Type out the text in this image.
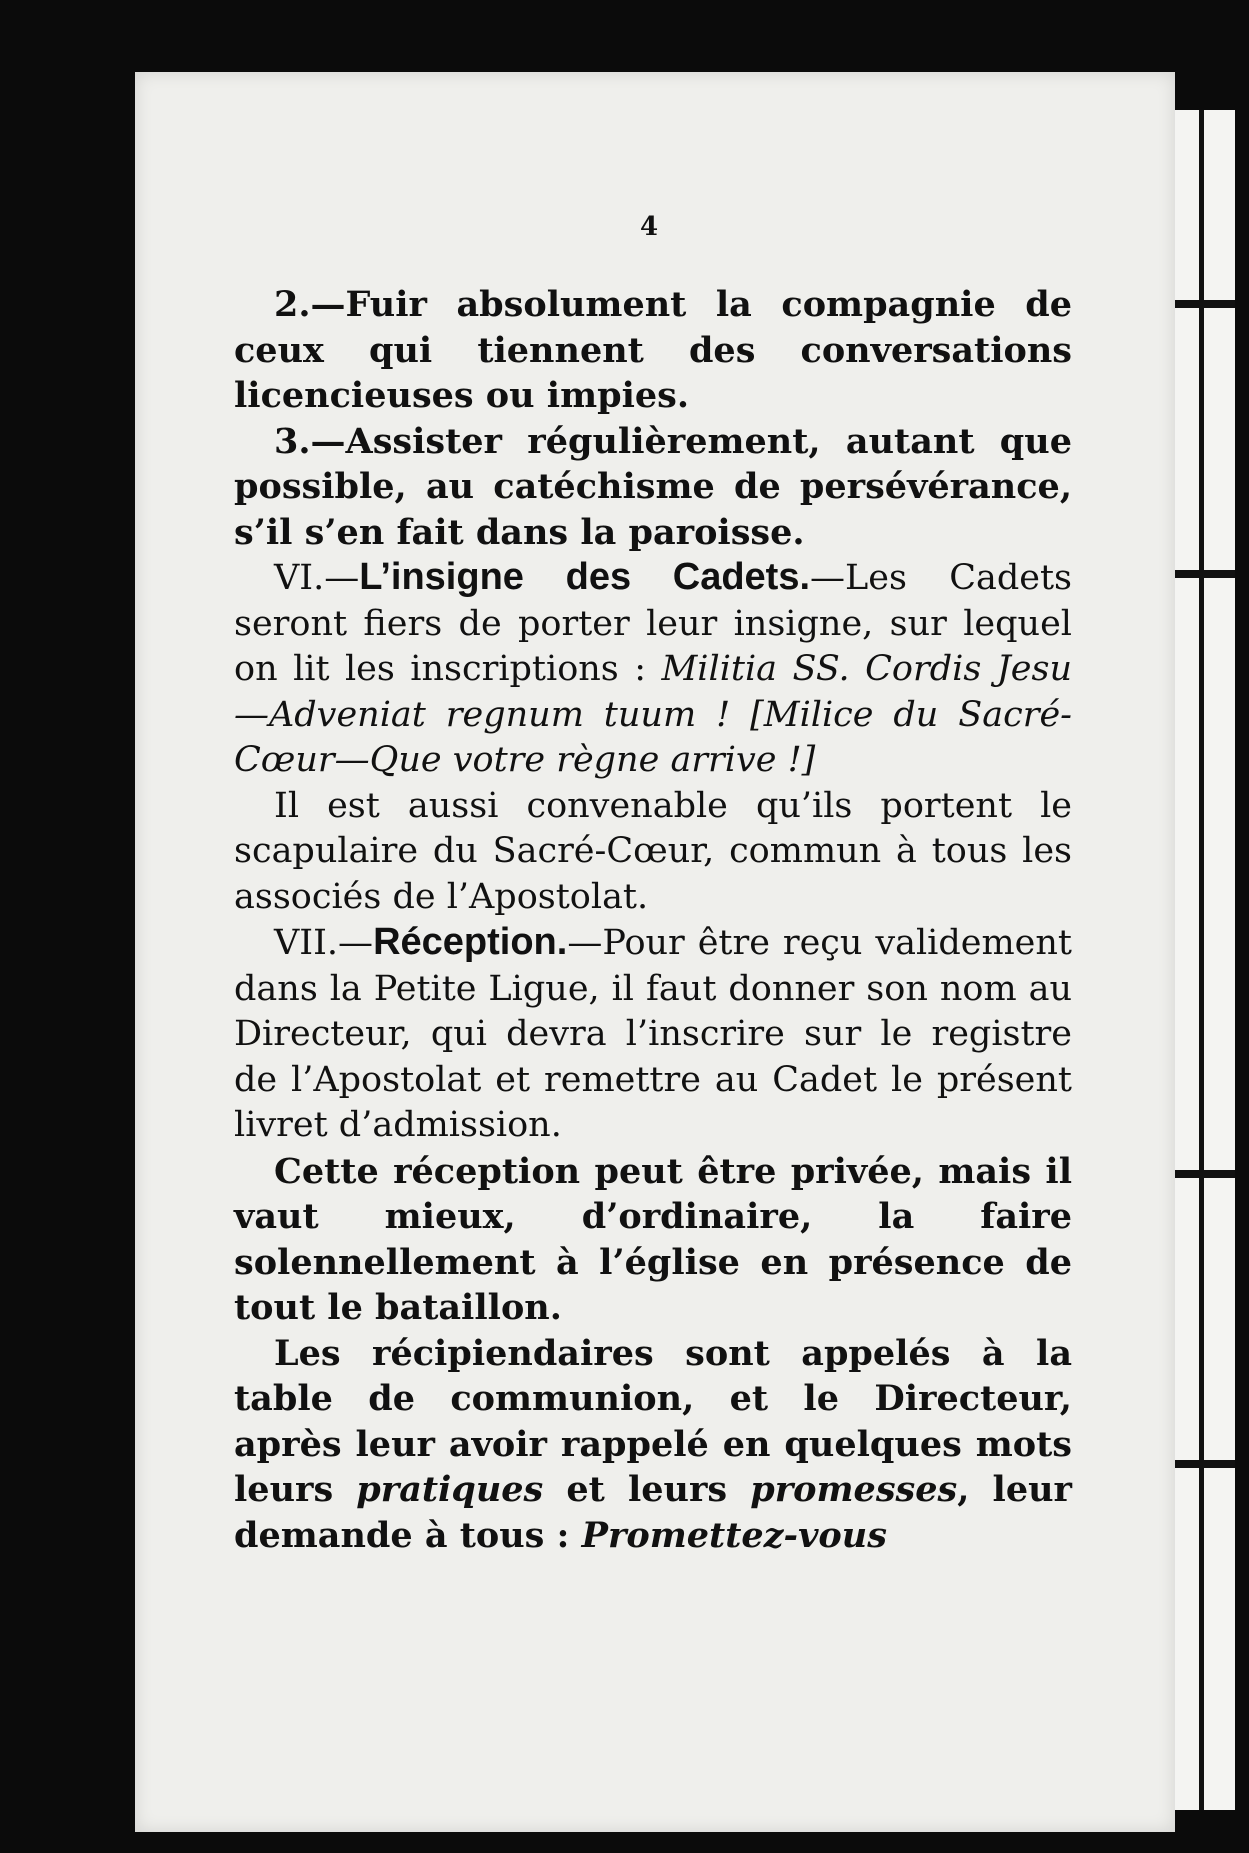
4

2.—Fuir absolument la compagnie de ceux qui tiennent des conversations licencieuses ou impies.

3.—Assister régulièrement, autant que possible, au catéchisme de persévérance, s’il s’en fait dans la paroisse.

VI.—L’insigne des Cadets.—Les Cadets seront fiers de porter leur insigne, sur lequel on lit les inscriptions : Militia SS. Cordis Jesu—Adveniat regnum tuum ! [Milice du Sacré-Cœur—Que votre règne arrive !]

Il est aussi convenable qu’ils portent le scapulaire du Sacré-Cœur, commun à tous les associés de l’Apostolat.

VII.—Réception.—Pour être reçu validement dans la Petite Ligue, il faut donner son nom au Directeur, qui devra l’inscrire sur le registre de l’Apostolat et remettre au Cadet le présent livret d’admission.

Cette réception peut être privée, mais il vaut mieux, d’ordinaire, la faire solennellement à l’église en présence de tout le bataillon.

Les récipiendaires sont appelés à la table de communion, et le Directeur, après leur avoir rappelé en quelques mots leurs pratiques et leurs promesses, leur demande à tous : Promettez-vous
